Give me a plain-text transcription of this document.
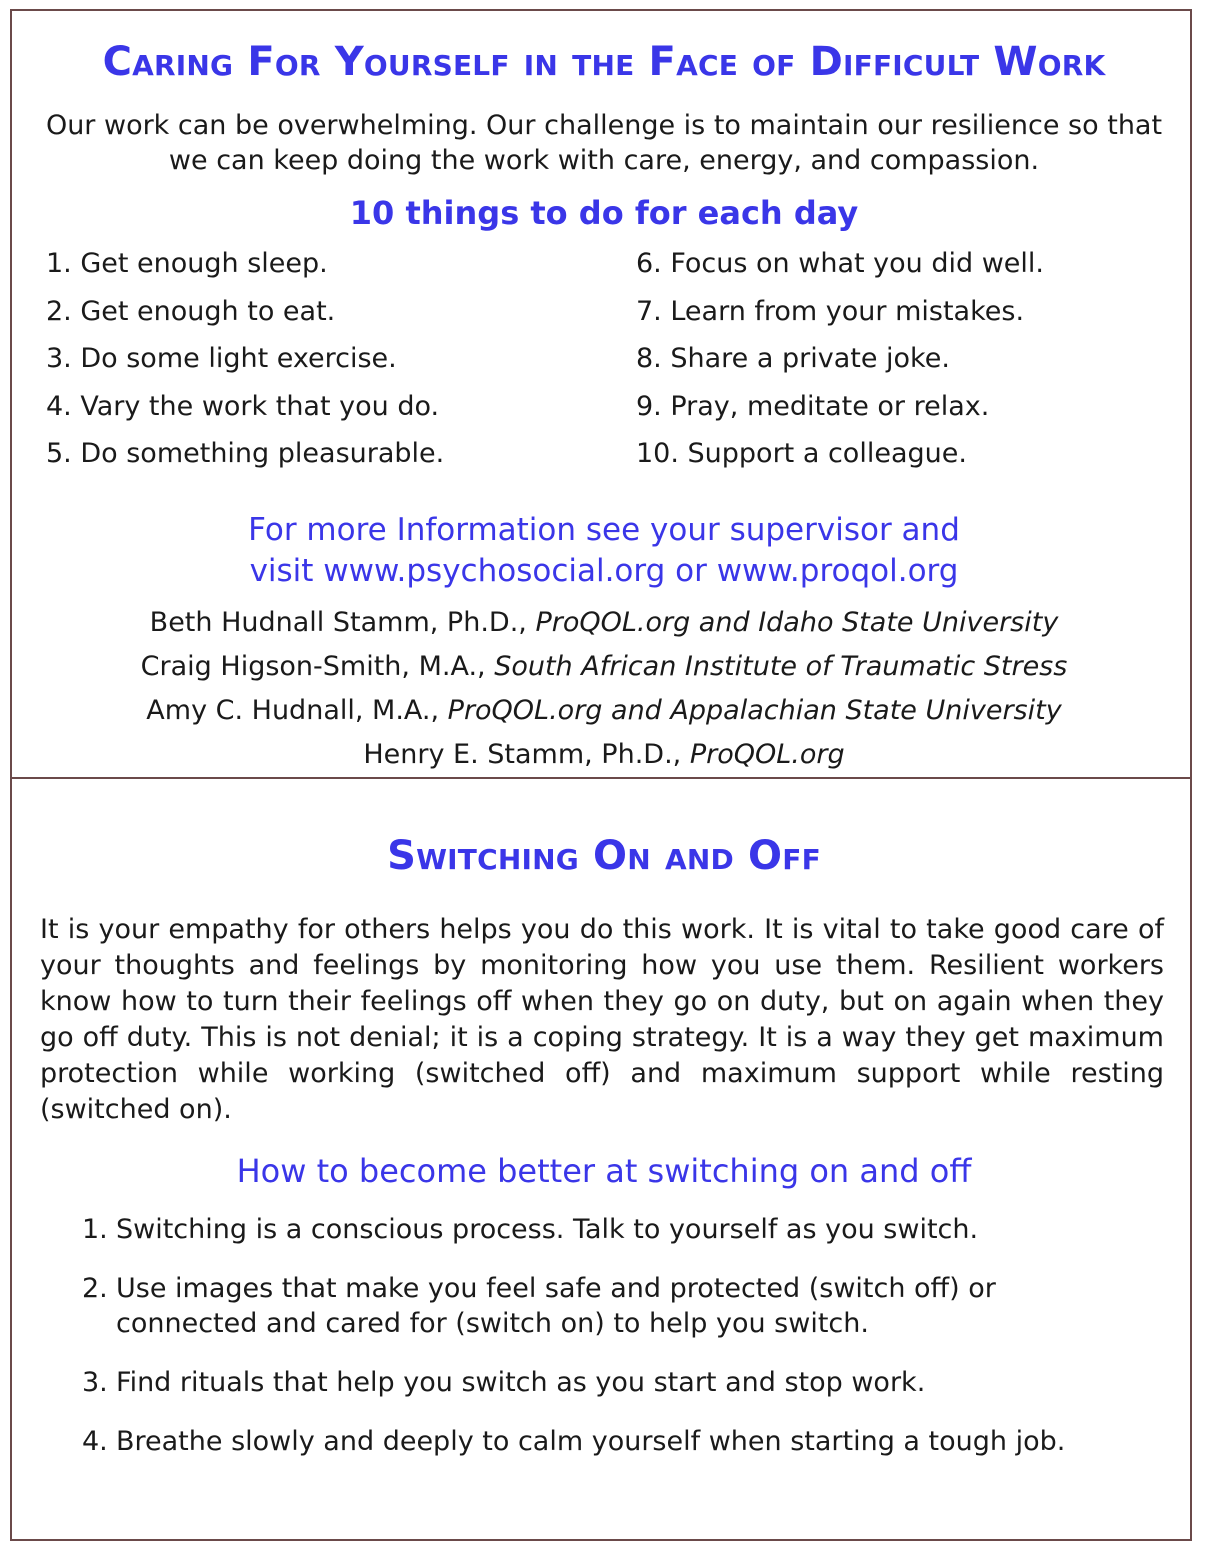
Caring For Yourself in the Face of Difficult Work
Our work can be overwhelming. Our challenge is to maintain our resilience so that we can keep doing the work with care, energy, and compassion.
10 things to do for each day
1. Get enough sleep.
2. Get enough to eat.
3. Do some light exercise.
4. Vary the work that you do.
5. Do something pleasurable.
6. Focus on what you did well.
7. Learn from your mistakes.
8. Share a private joke.
9. Pray, meditate or relax.
10. Support a colleague.
For more Information see your supervisor and
visit www.psychosocial.org or www.proqol.org
Beth Hudnall Stamm, Ph.D., ProQOL.org and Idaho State University
Craig Higson-Smith, M.A., South African Institute of Traumatic Stress
Amy C. Hudnall, M.A., ProQOL.org and Appalachian State University
Henry E. Stamm, Ph.D., ProQOL.org
Switching On and Off

It is your empathy for others helps you do this work. It is vital to take good care of your thoughts and feelings by monitoring how you use them. Resilient workers know how to turn their feelings off when they go on duty, but on again when they go off duty. This is not denial; it is a coping strategy. It is a way they get maximum protection while working (switched off) and maximum support while resting (switched on).

How to become better at switching on and off
1. Switching is a conscious process. Talk to yourself as you switch.
2. Use images that make you feel safe and protected (switch off) or connected and cared for (switch on) to help you switch.
3. Find rituals that help you switch as you start and stop work.
4. Breathe slowly and deeply to calm yourself when starting a tough job.
